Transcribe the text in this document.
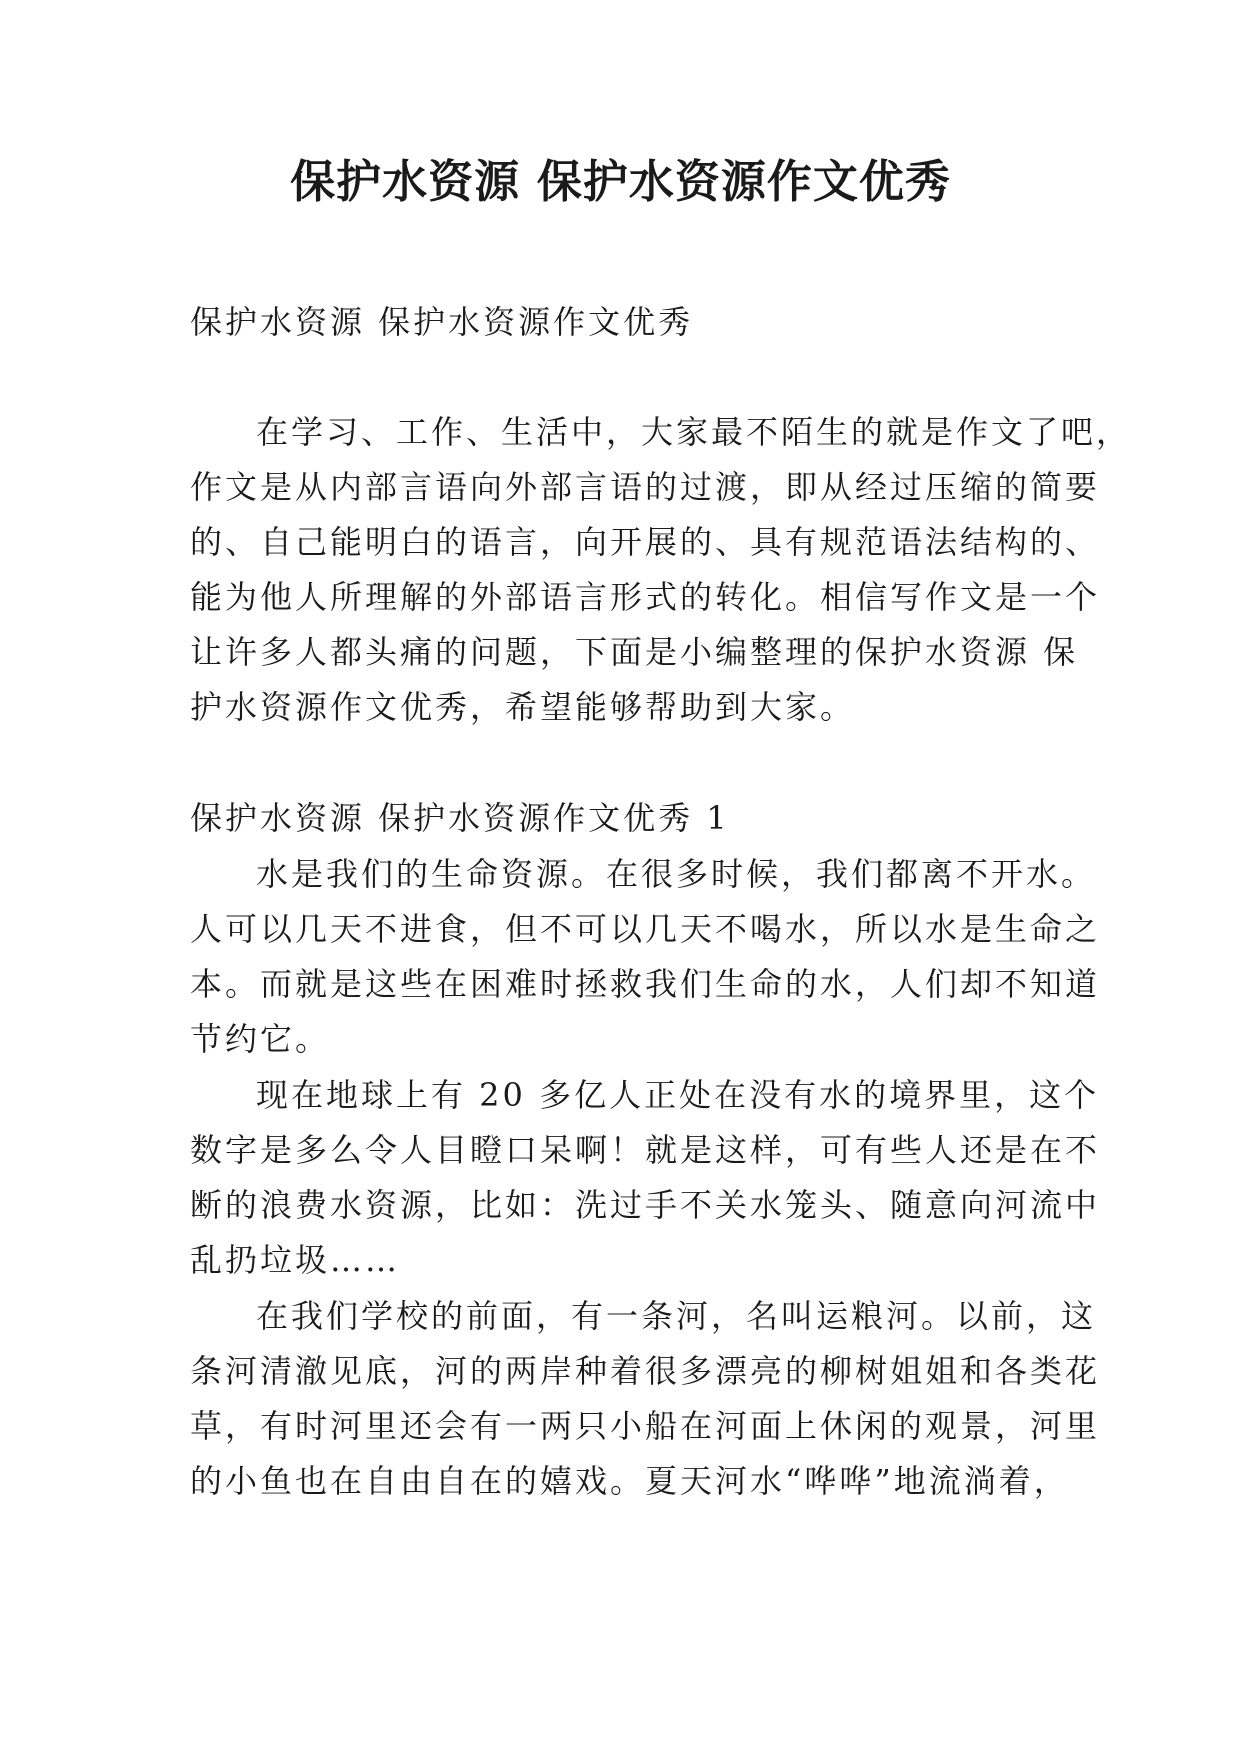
保护水资源 保护水资源作文优秀

保护水资源 保护水资源作文优秀

在学习、工作、生活中，大家最不陌生的就是作文了吧，

作文是从内部言语向外部言语的过渡，即从经过压缩的简要

的、自己能明白的语言，向开展的、具有规范语法结构的、

能为他人所理解的外部语言形式的转化。相信写作文是一个

让许多人都头痛的问题，下面是小编整理的保护水资源 保

护水资源作文优秀，希望能够帮助到大家。

保护水资源 保护水资源作文优秀 1

水是我们的生命资源。在很多时候，我们都离不开水。

人可以几天不进食，但不可以几天不喝水，所以水是生命之

本。而就是这些在困难时拯救我们生命的水，人们却不知道

节约它。

现在地球上有 20 多亿人正处在没有水的境界里，这个

数字是多么令人目瞪口呆啊！就是这样，可有些人还是在不

断的浪费水资源，比如：洗过手不关水笼头、随意向河流中

乱扔垃圾……

在我们学校的前面，有一条河，名叫运粮河。以前，这

条河清澈见底，河的两岸种着很多漂亮的柳树姐姐和各类花

草，有时河里还会有一两只小船在河面上休闲的观景，河里

的小鱼也在自由自在的嬉戏。夏天河水“哗哗”地流淌着，
